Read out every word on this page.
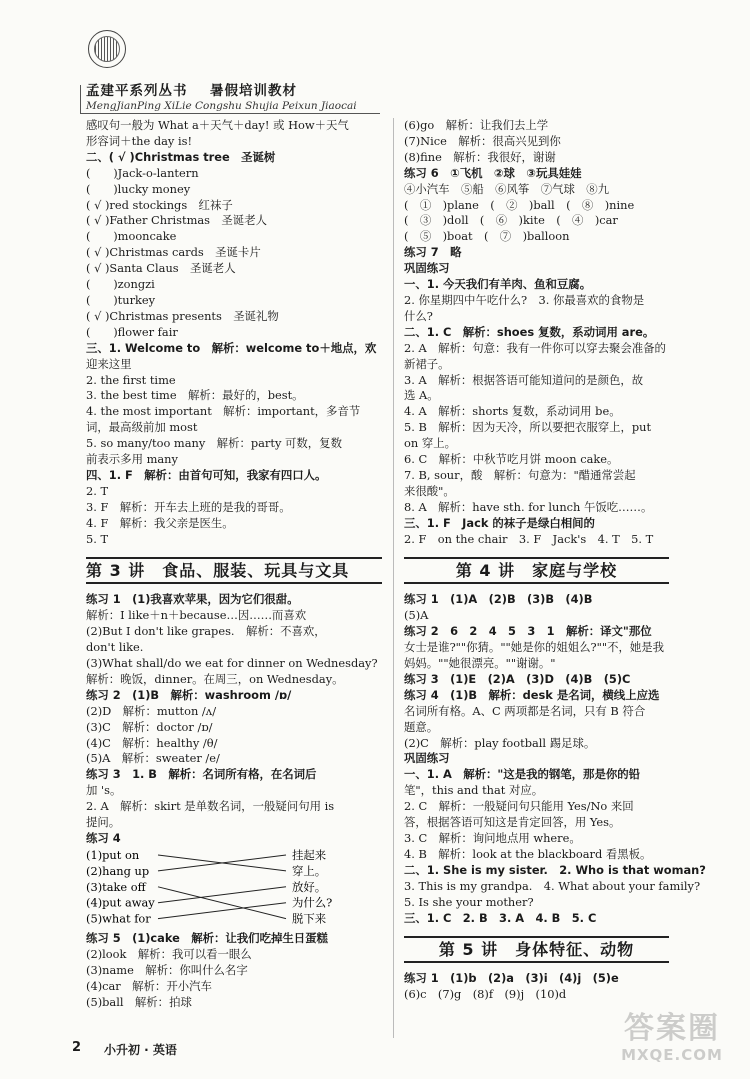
孟建平系列丛书 暑假培训教材
MengJianPing XiLie Congshu Shujia Peixun Jiaocai
感叹句一般为 What a＋天气＋day! 或 How＋天气
形容词＋the day is!
二、( √ )Christmas tree　圣诞树
(　　)Jack-o-lantern
(　　)lucky money
( √ )red stockings　红袜子
( √ )Father Christmas　圣诞老人
(　　)mooncake
( √ )Christmas cards　圣诞卡片
( √ )Santa Claus　圣诞老人
(　　)zongzi
(　　)turkey
( √ )Christmas presents　圣诞礼物
(　　)flower fair
三、1. Welcome to　解析：welcome to＋地点，欢
迎来这里
2. the first time
3. the best time　解析：最好的，best。
4. the most important　解析：important，多音节
词，最高级前加 most
5. so many/too many　解析：party 可数，复数
前表示多用 many
四、1. F　解析：由首句可知，我家有四口人。
2. T
3. F　解析：开车去上班的是我的哥哥。
4. F　解析：我父亲是医生。
5. T
第 3 讲　食品、服装、玩具与文具
练习 1　(1)我喜欢苹果，因为它们很甜。
解析：I like＋n＋because…因……而喜欢
(2)But I don't like grapes.　解析：不喜欢，
don't like.
(3)What shall/do we eat for dinner on Wednesday?
解析：晚饭，dinner。在周三，on Wednesday。
练习 2　(1)B　解析：washroom /ɒ/
(2)D　解析：mutton /ʌ/
(3)C　解析：doctor /ɒ/
(4)C　解析：healthy /θ/
(5)A　解析：sweater /e/
练习 3　1. B　解析：名词所有格，在名词后
加 's。
2. A　解析：skirt 是单数名词，一般疑问句用 is
提问。
练习 4
(1)put on
(2)hang up
(3)take off
(4)put away
(5)what for
挂起来
穿上。
放好。
为什么?
脱下来
练习 5　(1)cake　解析：让我们吃掉生日蛋糕
(2)look　解析：我可以看一眼么
(3)name　解析：你叫什么名字
(4)car　解析：开小汽车
(5)ball　解析：拍球
(6)go　解析：让我们去上学
(7)Nice　解析：很高兴见到你
(8)fine　解析：我很好，谢谢
练习 6　①飞机　②球　③玩具娃娃
④小汽车　⑤船　⑥风筝　⑦气球　⑧九
(　①　)plane　(　②　)ball　(　⑧　)nine
(　③　)doll　(　⑥　)kite　(　④　)car
(　⑤　)boat　(　⑦　)balloon
练习 7　略
巩固练习
一、1. 今天我们有羊肉、鱼和豆腐。
2. 你星期四中午吃什么?　3. 你最喜欢的食物是
什么?
二、1. C　解析：shoes 复数，系动词用 are。
2. A　解析：句意：我有一件你可以穿去聚会准备的
新裙子。
3. A　解析：根据答语可能知道问的是颜色，故
选 A。
4. A　解析：shorts 复数，系动词用 be。
5. B　解析：因为天冷，所以要把衣服穿上，put
on 穿上。
6. C　解析：中秋节吃月饼 moon cake。
7. B, sour，酸　解析：句意为："醋通常尝起
来很酸"。
8. A　解析：have sth. for lunch 午饭吃……。
三、1. F　Jack 的袜子是绿白相间的
2. F　on the chair　3. F　Jack's　4. T　5. T
第 4 讲　家庭与学校
练习 1　(1)A　(2)B　(3)B　(4)B
(5)A
练习 2　6　2　4　5　3　1　解析：译文"那位
女士是谁?""你猜。""她是你的姐姐么?""不，她是我
妈妈。""她很漂亮。""谢谢。"
练习 3　(1)E　(2)A　(3)D　(4)B　(5)C
练习 4　(1)B　解析：desk 是名词，横线上应选
名词所有格。A、C 两项都是名词，只有 B 符合
题意。
(2)C　解析：play football 踢足球。
巩固练习
一、1. A　解析："这是我的钢笔，那是你的铅
笔"，this and that 对应。
2. C　解析：一般疑问句只能用 Yes/No 来回
答，根据答语可知这是肯定回答，用 Yes。
3. C　解析：询问地点用 where。
4. B　解析：look at the blackboard 看黑板。
二、1. She is my sister.　2. Who is that woman?
3. This is my grandpa.　4. What about your family?
5. Is she your mother?
三、1. C　2. B　3. A　4. B　5. C
第 5 讲　身体特征、动物
练习 1　(1)b　(2)a　(3)i　(4)j　(5)e
(6)c　(7)g　(8)f　(9)j　(10)d
2 小升初 · 英语
答案圈
MXQE.COM
